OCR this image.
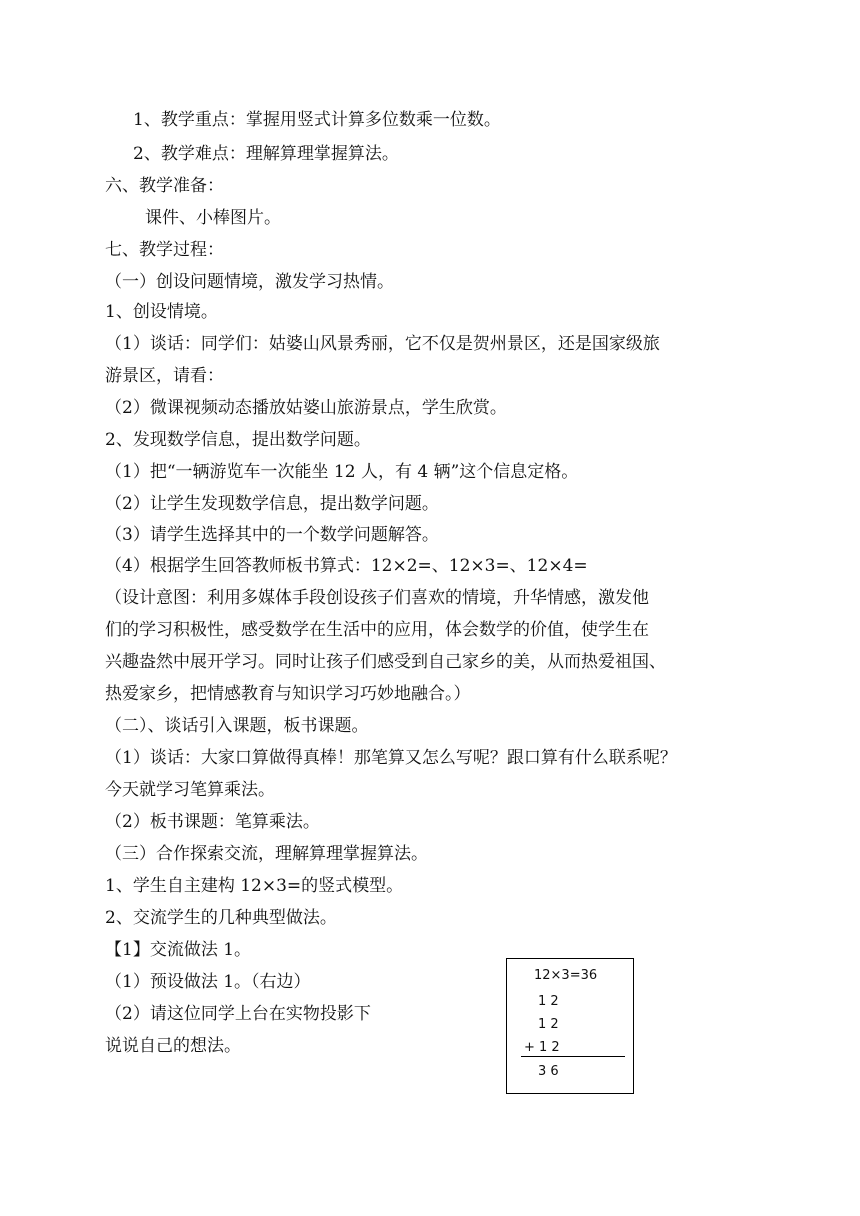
1、教学重点：掌握用竖式计算多位数乘一位数。
2、教学难点：理解算理掌握算法。
六、教学准备：
课件、小棒图片。
七、教学过程：
（一）创设问题情境，激发学习热情。
1、创设情境。
（1）谈话：同学们：姑婆山风景秀丽，它不仅是贺州景区，还是国家级旅
游景区，请看：
（2）微课视频动态播放姑婆山旅游景点，学生欣赏。
2、发现数学信息，提出数学问题。
（1）把“一辆游览车一次能坐 12 人，有 4 辆”这个信息定格。
（2）让学生发现数学信息，提出数学问题。
（3）请学生选择其中的一个数学问题解答。
（4）根据学生回答教师板书算式：12×2=、12×3=、12×4=
（设计意图：利用多媒体手段创设孩子们喜欢的情境，升华情感，激发他
们的学习积极性，感受数学在生活中的应用，体会数学的价值，使学生在
兴趣盎然中展开学习。同时让孩子们感受到自己家乡的美，从而热爱祖国、
热爱家乡，把情感教育与知识学习巧妙地融合。）
（二）、谈话引入课题，板书课题。
（1）谈话：大家口算做得真棒！那笔算又怎么写呢？跟口算有什么联系呢？
今天就学习笔算乘法。
（2）板书课题：笔算乘法。
（三）合作探索交流，理解算理掌握算法。
1、学生自主建构 12×3=的竖式模型。
2、交流学生的几种典型做法。
【1】交流做法 1。
（1）预设做法 1。（右边）
（2）请这位同学上台在实物投影下
说说自己的想法。
12×3=36
1 2
1 2
+ 1 2
3 6
